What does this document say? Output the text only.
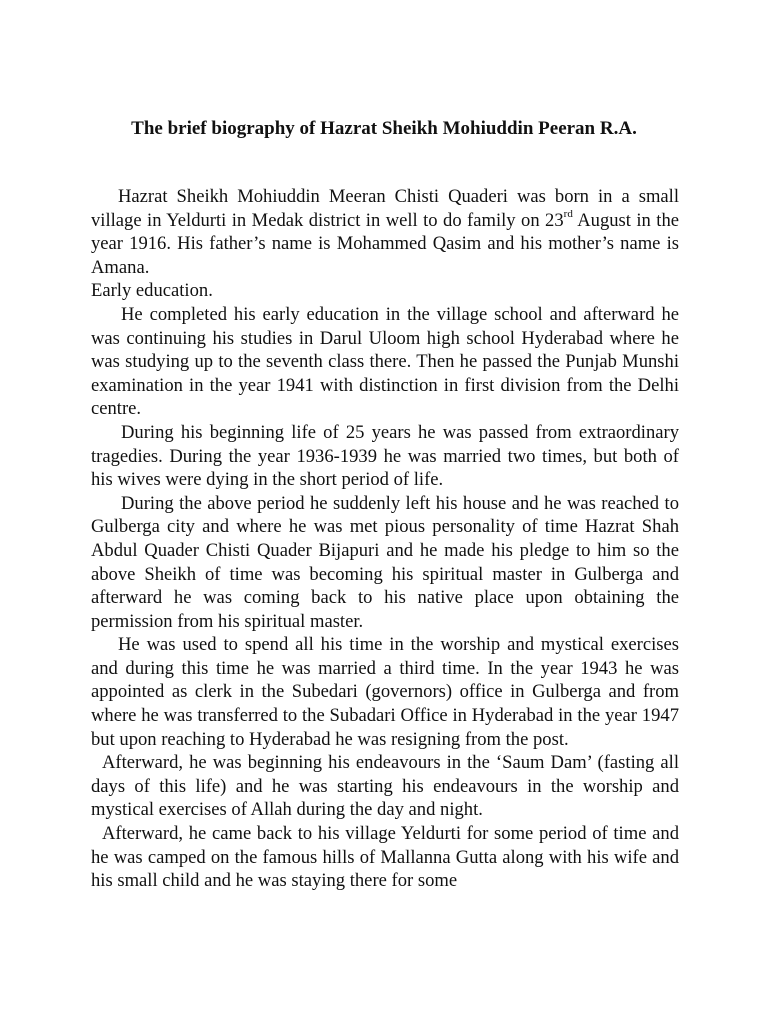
The brief biography of Hazrat Sheikh Mohiuddin Peeran R.A.

Hazrat Sheikh Mohiuddin Meeran Chisti Quaderi was born in a small village in Yeldurti in Medak district in well to do family on 23rd August in the year 1916. His father’s name is Mohammed Qasim and his mother’s name is Amana.

Early education.

He completed his early education in the village school and afterward he was continuing his studies in Darul Uloom high school Hyderabad where he was studying up to the seventh class there. Then he passed the Punjab Munshi examination in the year 1941 with distinction in first division from the Delhi centre.

During his beginning life of 25 years he was passed from extraordinary tragedies. During the year 1936-1939 he was married two times, but both of his wives were dying in the short period of life.

During the above period he suddenly left his house and he was reached to Gulberga city and where he was met pious personality of time Hazrat Shah Abdul Quader Chisti Quader Bijapuri and he made his pledge to him so the above Sheikh of time was becoming his spiritual master in Gulberga and afterward he was coming back to his native place upon obtaining the permission from his spiritual master.

He was used to spend all his time in the worship and mystical exercises and during this time he was married a third time. In the year 1943 he was appointed as clerk in the Subedari (governors) office in Gulberga and from where he was transferred to the Subadari Office in Hyderabad in the year 1947 but upon reaching to Hyderabad he was resigning from the post.

Afterward, he was beginning his endeavours in the ‘Saum Dam’ (fasting all days of this life) and he was starting his endeavours in the worship and mystical exercises of Allah during the day and night.

Afterward, he came back to his village Yeldurti for some period of time and he was camped on the famous hills of Mallanna Gutta along with his wife and his small child and he was staying there for some
